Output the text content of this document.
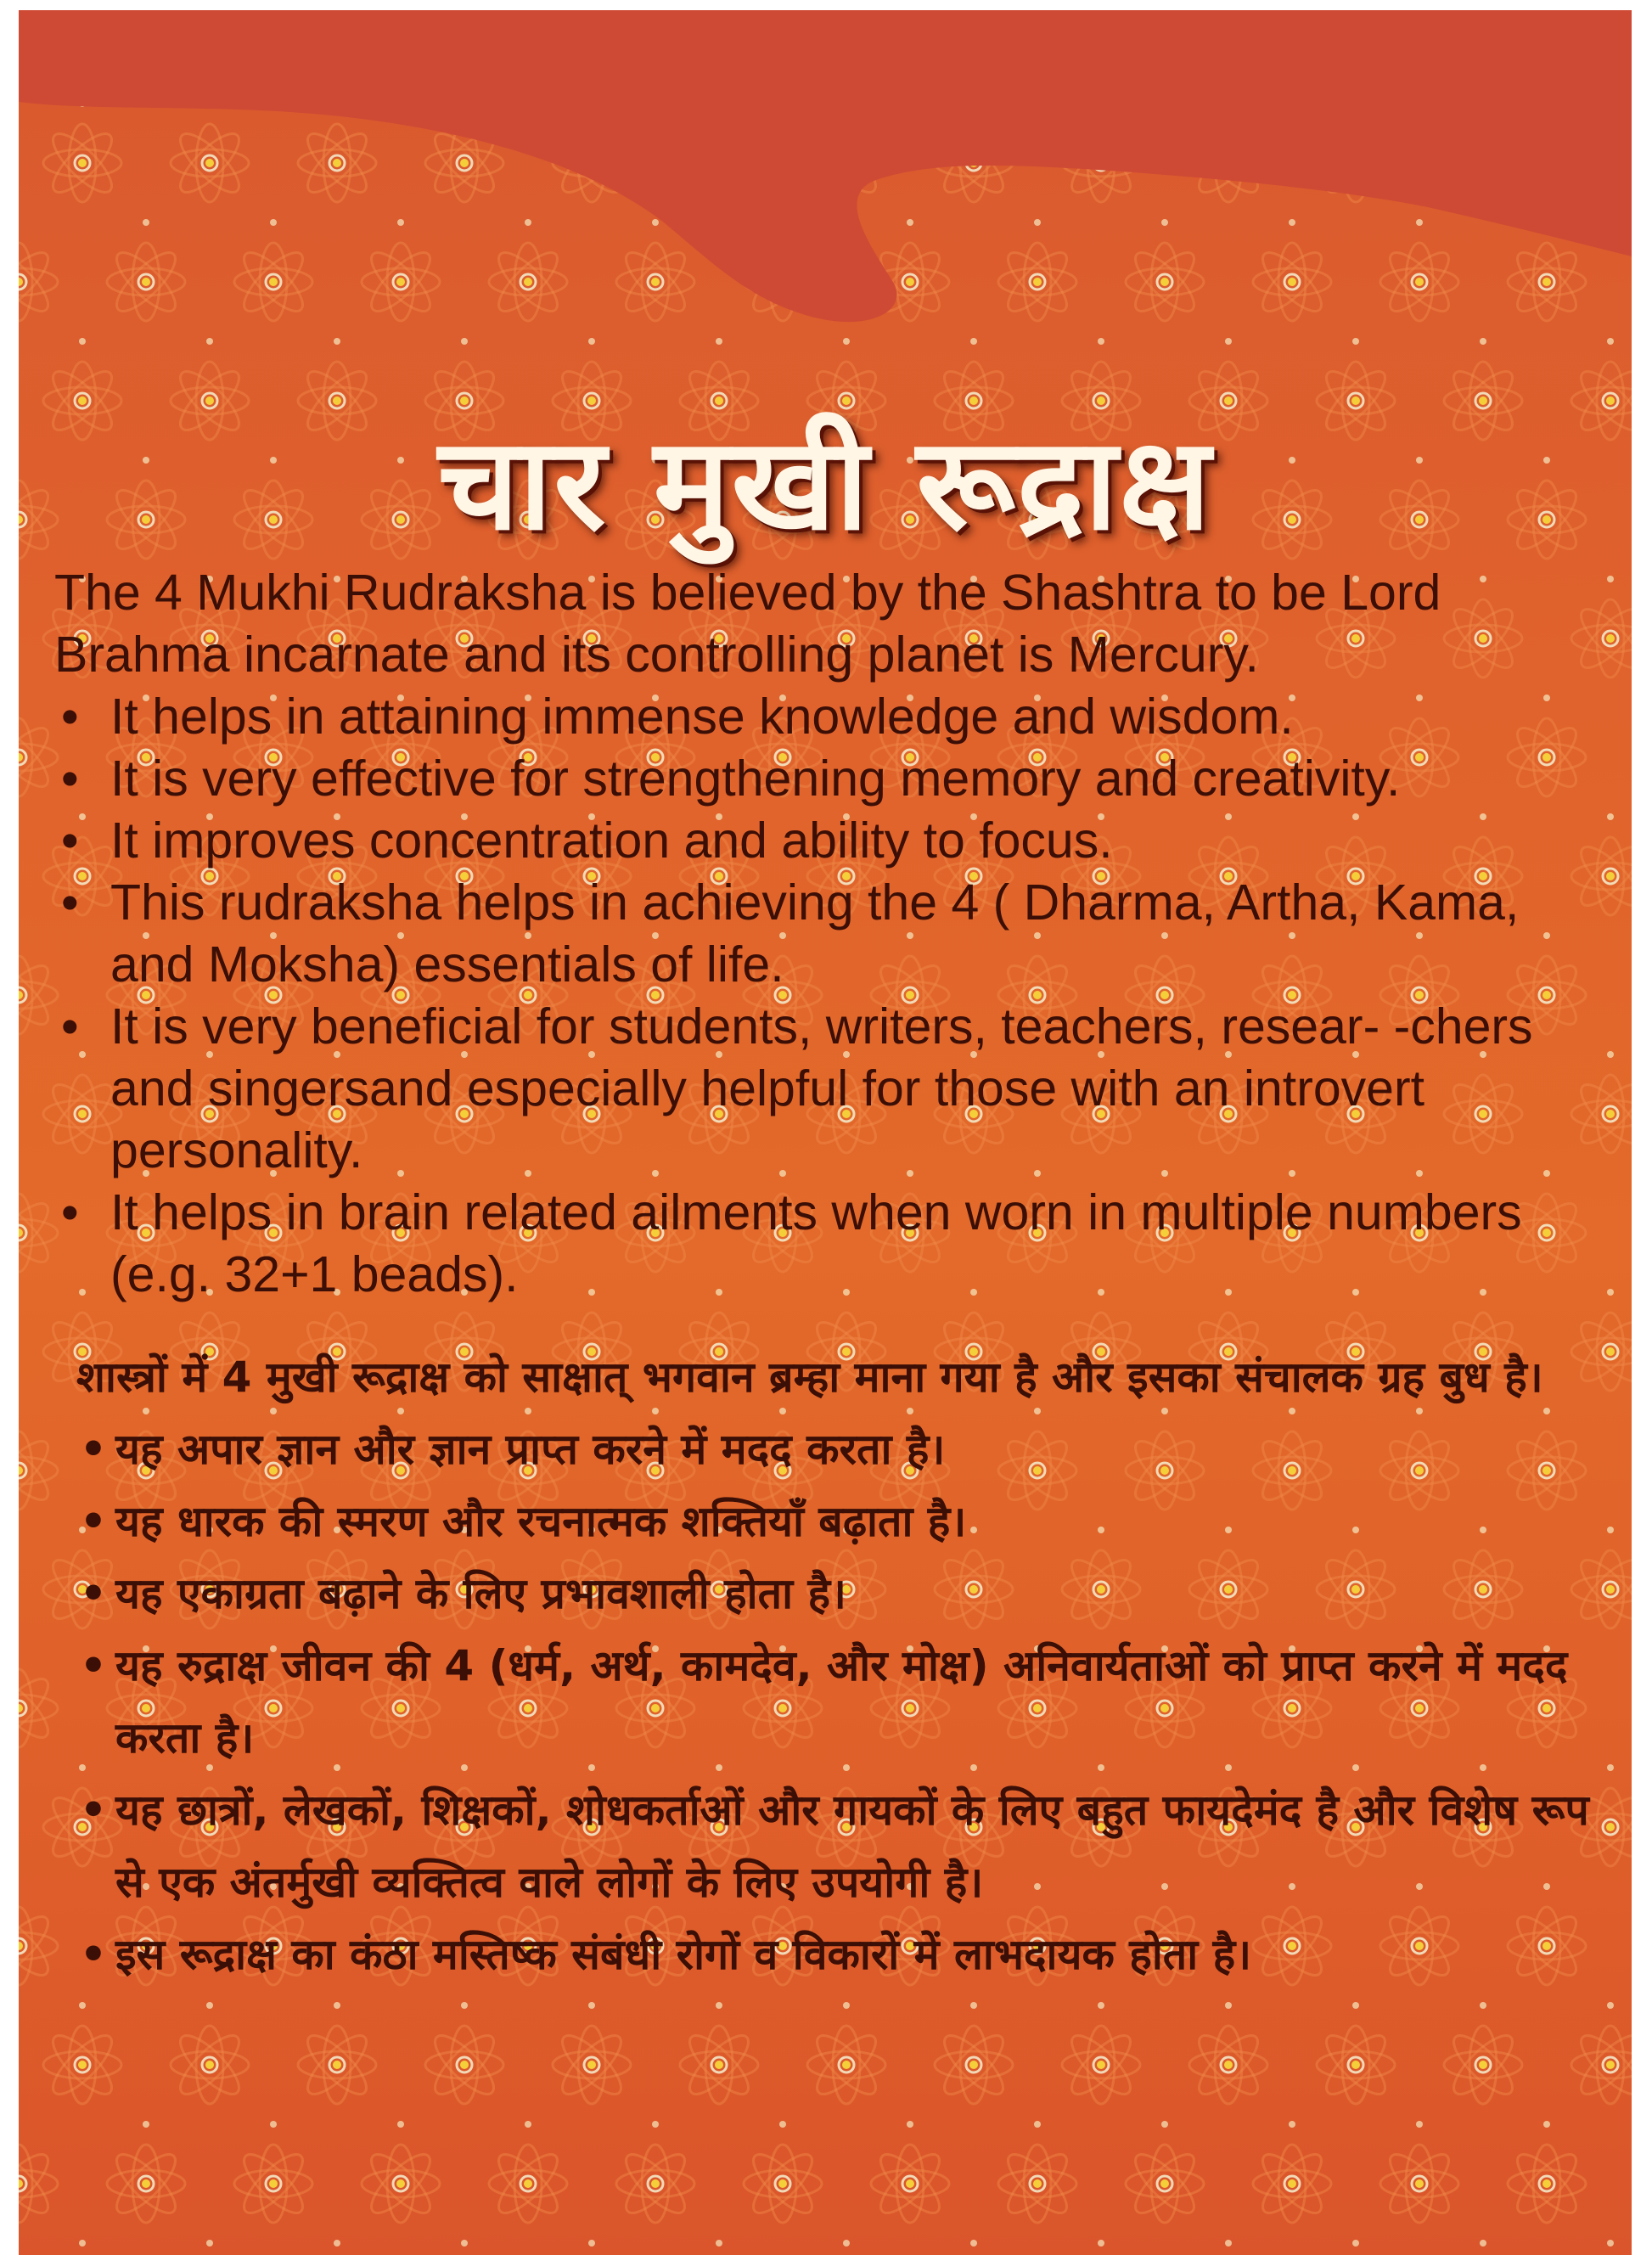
चार मुखी रूद्राक्ष
The 4 Mukhi Rudraksha is believed by the Shashtra to be Lord Brahma incarnate and its controlling planet is Mercury.
• It helps in attaining immense knowledge and wisdom.
• It is very effective for strengthening memory and creativity.
• It improves concentration and ability to focus.
• This rudraksha helps in achieving the 4 ( Dharma, Artha, Kama, and Moksha) essentials of life.
• It is very beneficial for students, writers, teachers, resear- -chers and singersand especially helpful for those with an introvert personality.
• It helps in brain related ailments when worn in multiple numbers (e.g. 32+1 beads).
शास्त्रों में 4 मुखी रूद्राक्ष को साक्षात् भगवान ब्रम्हा माना गया है और इसका संचालक ग्रह बुध है।
• यह अपार ज्ञान और ज्ञान प्राप्त करने में मदद करता है।
• यह धारक की स्मरण और रचनात्मक शक्तियाँ बढ़ाता है।
• यह एकाग्रता बढ़ाने के लिए प्रभावशाली होता है।
• यह रुद्राक्ष जीवन की 4 (धर्म, अर्थ, कामदेव, और मोक्ष) अनिवार्यताओं को प्राप्त करने में मदद करता है।
• यह छात्रों, लेखकों, शिक्षकों, शोधकर्ताओं और गायकों के लिए बहुत फायदेमंद है और विशेष रूप से एक अंतर्मुखी व्यक्तित्व वाले लोगों के लिए उपयोगी है।
• इस रूद्राक्ष का कंठा मस्तिष्क संबंधी रोगों व विकारों में लाभदायक होता है।
